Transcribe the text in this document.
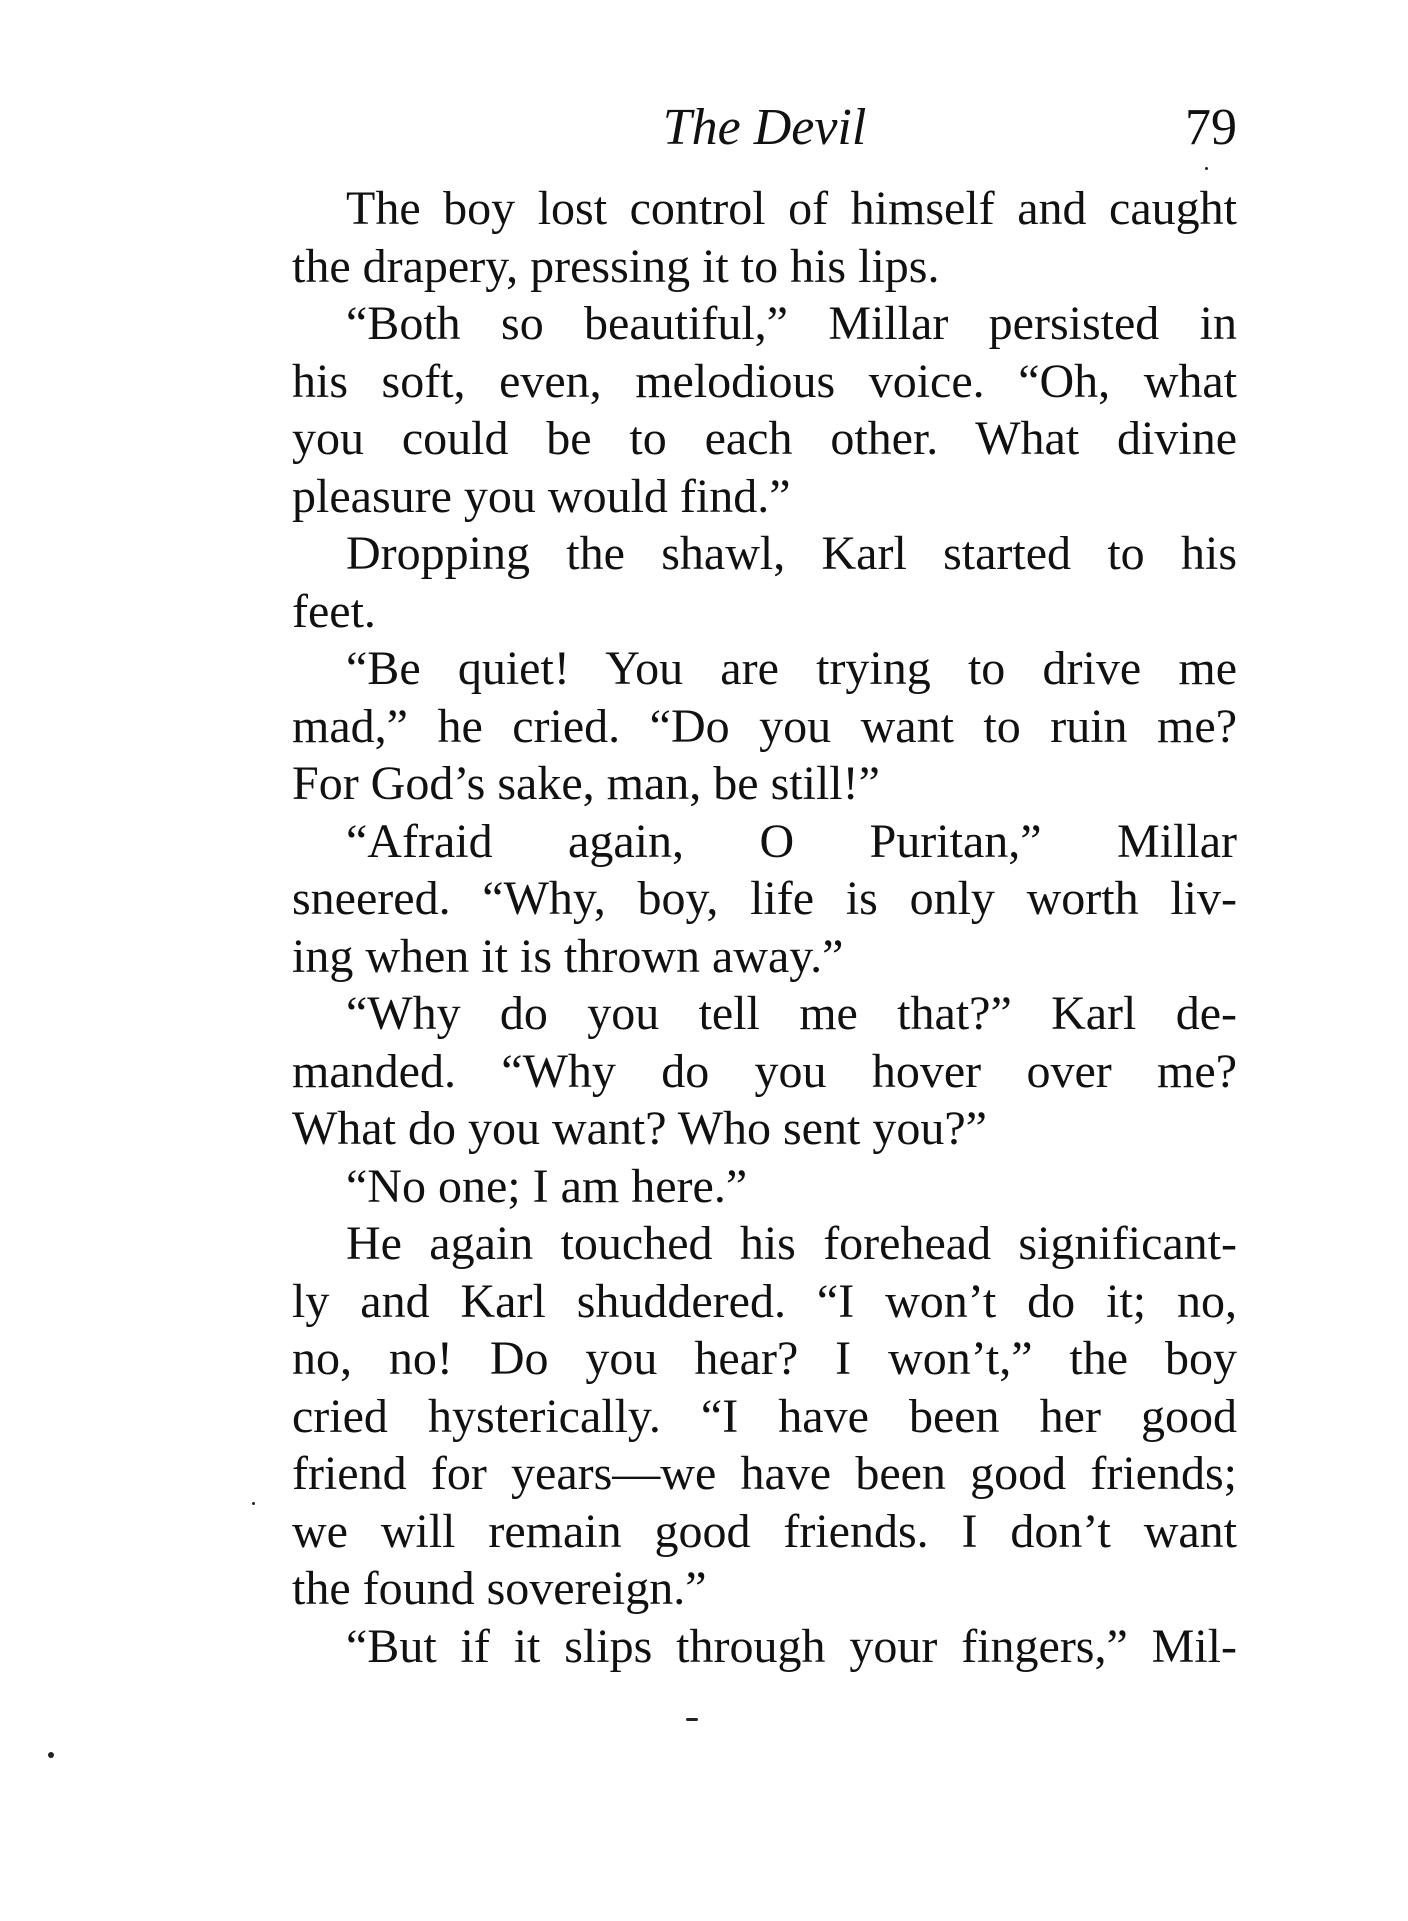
The Devil	79
The boy lost control of himself and caught
the drapery, pressing it to his lips.
“Both so beautiful,” Millar persisted in
his soft, even, melodious voice. “Oh, what
you could be to each other. What divine
pleasure you would find.”
Dropping the shawl, Karl started to his
feet.
“Be quiet! You are trying to drive me
mad,” he cried. “Do you want to ruin me?
For God’s sake, man, be still!”
“Afraid again, O Puritan,” Millar
sneered. “Why, boy, life is only worth liv-
ing when it is thrown away.”
“Why do you tell me that?” Karl de-
manded. “Why do you hover over me?
What do you want? Who sent you?”
“No one; I am here.”
He again touched his forehead significant-
ly and Karl shuddered. “I won’t do it; no,
no, no! Do you hear? I won’t,” the boy
cried hysterically. “I have been her good
friend for years—we have been good friends;
we will remain good friends. I don’t want
the found sovereign.”
“But if it slips through your fingers,” Mil-
